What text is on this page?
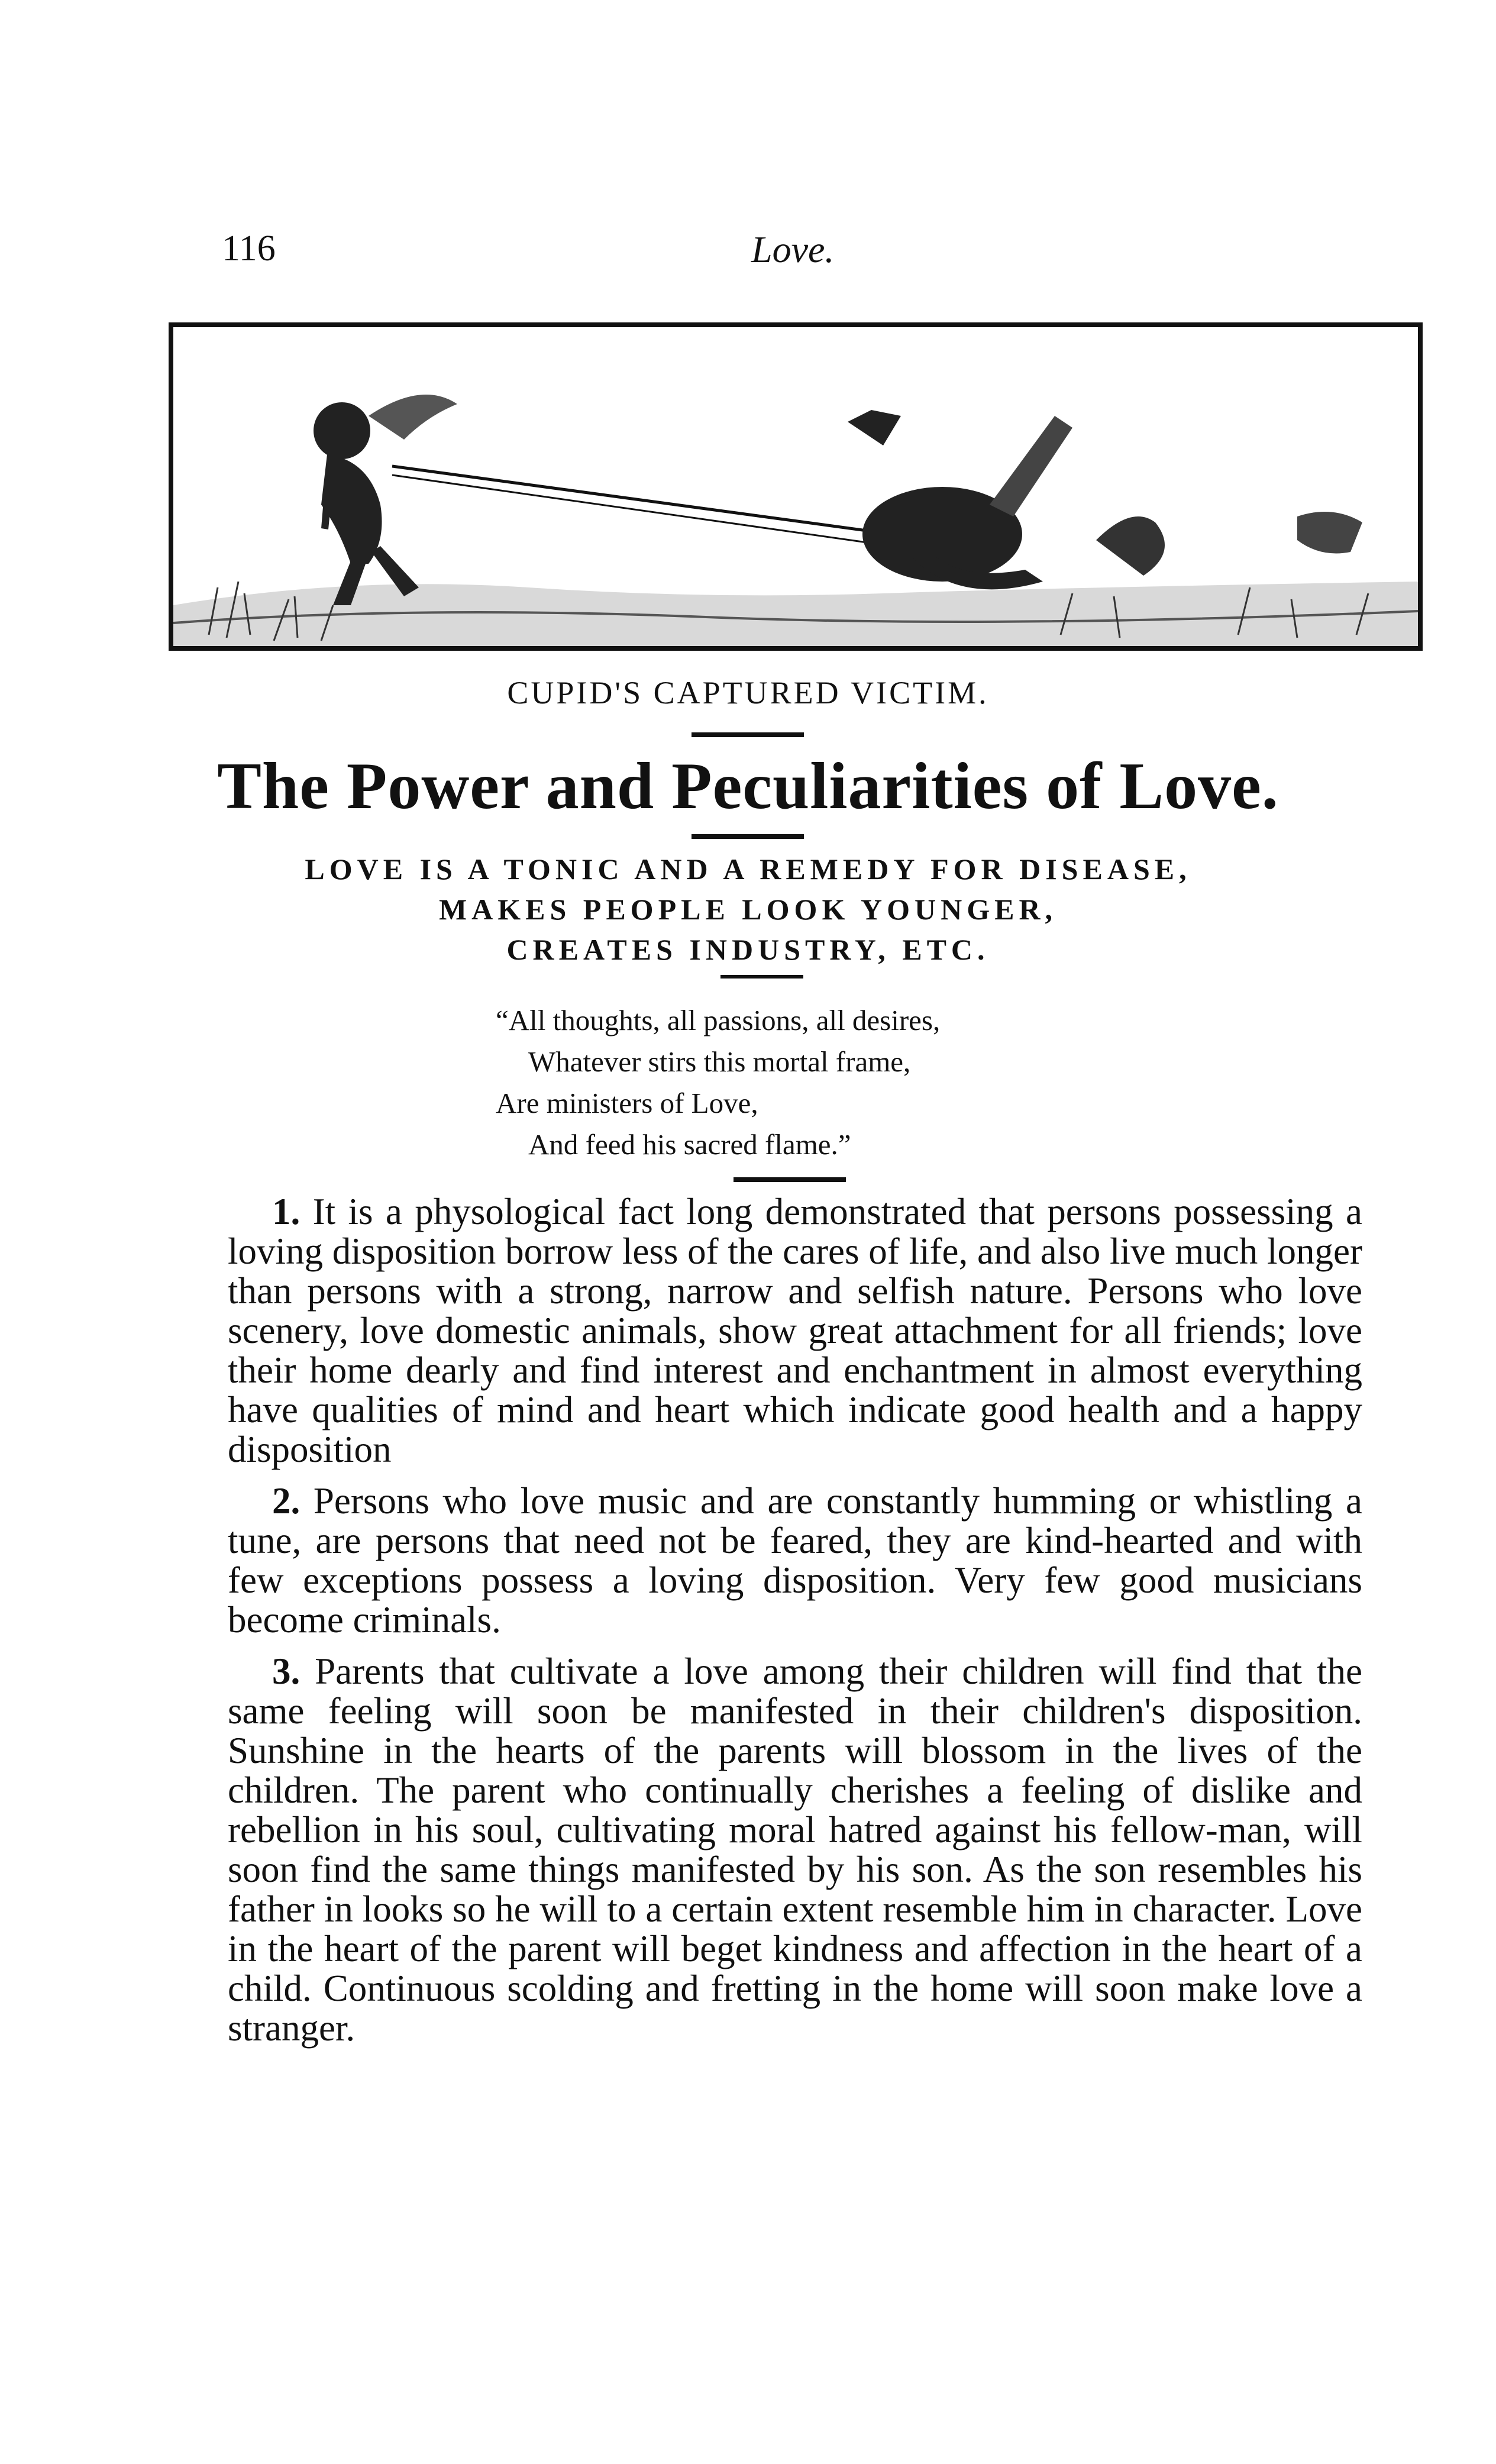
116	Love.
CUPID'S CAPTURED VICTIM.
The Power and Peculiarities of Love.
LOVE IS A TONIC AND A REMEDY FOR DISEASE,
MAKES PEOPLE LOOK YOUNGER,
CREATES INDUSTRY, ETC.
“All thoughts, all passions, all desires,
Whatever stirs this mortal frame,
Are ministers of Love,
And feed his sacred flame.”

1. It is a physological fact long demonstrated that persons possessing a loving disposition borrow less of the cares of life, and also live much longer than persons with a strong, narrow and selfish nature. Persons who love scenery, love domestic animals, show great attachment for all friends; love their home dearly and find interest and enchantment in almost everything have qualities of mind and heart which indicate good health and a happy disposition

2. Persons who love music and are constantly humming or whistling a tune, are persons that need not be feared, they are kind-hearted and with few exceptions possess a loving disposition. Very few good musicians become criminals.

3. Parents that cultivate a love among their children will find that the same feeling will soon be manifested in their children's disposition. Sunshine in the hearts of the parents will blossom in the lives of the children. The parent who continually cherishes a feeling of dislike and rebellion in his soul, cultivating moral hatred against his fellow-man, will soon find the same things manifested by his son. As the son resembles his father in looks so he will to a certain extent resemble him in character. Love in the heart of the parent will beget kindness and affection in the heart of a child. Continuous scolding and fretting in the home will soon make love a stranger.
